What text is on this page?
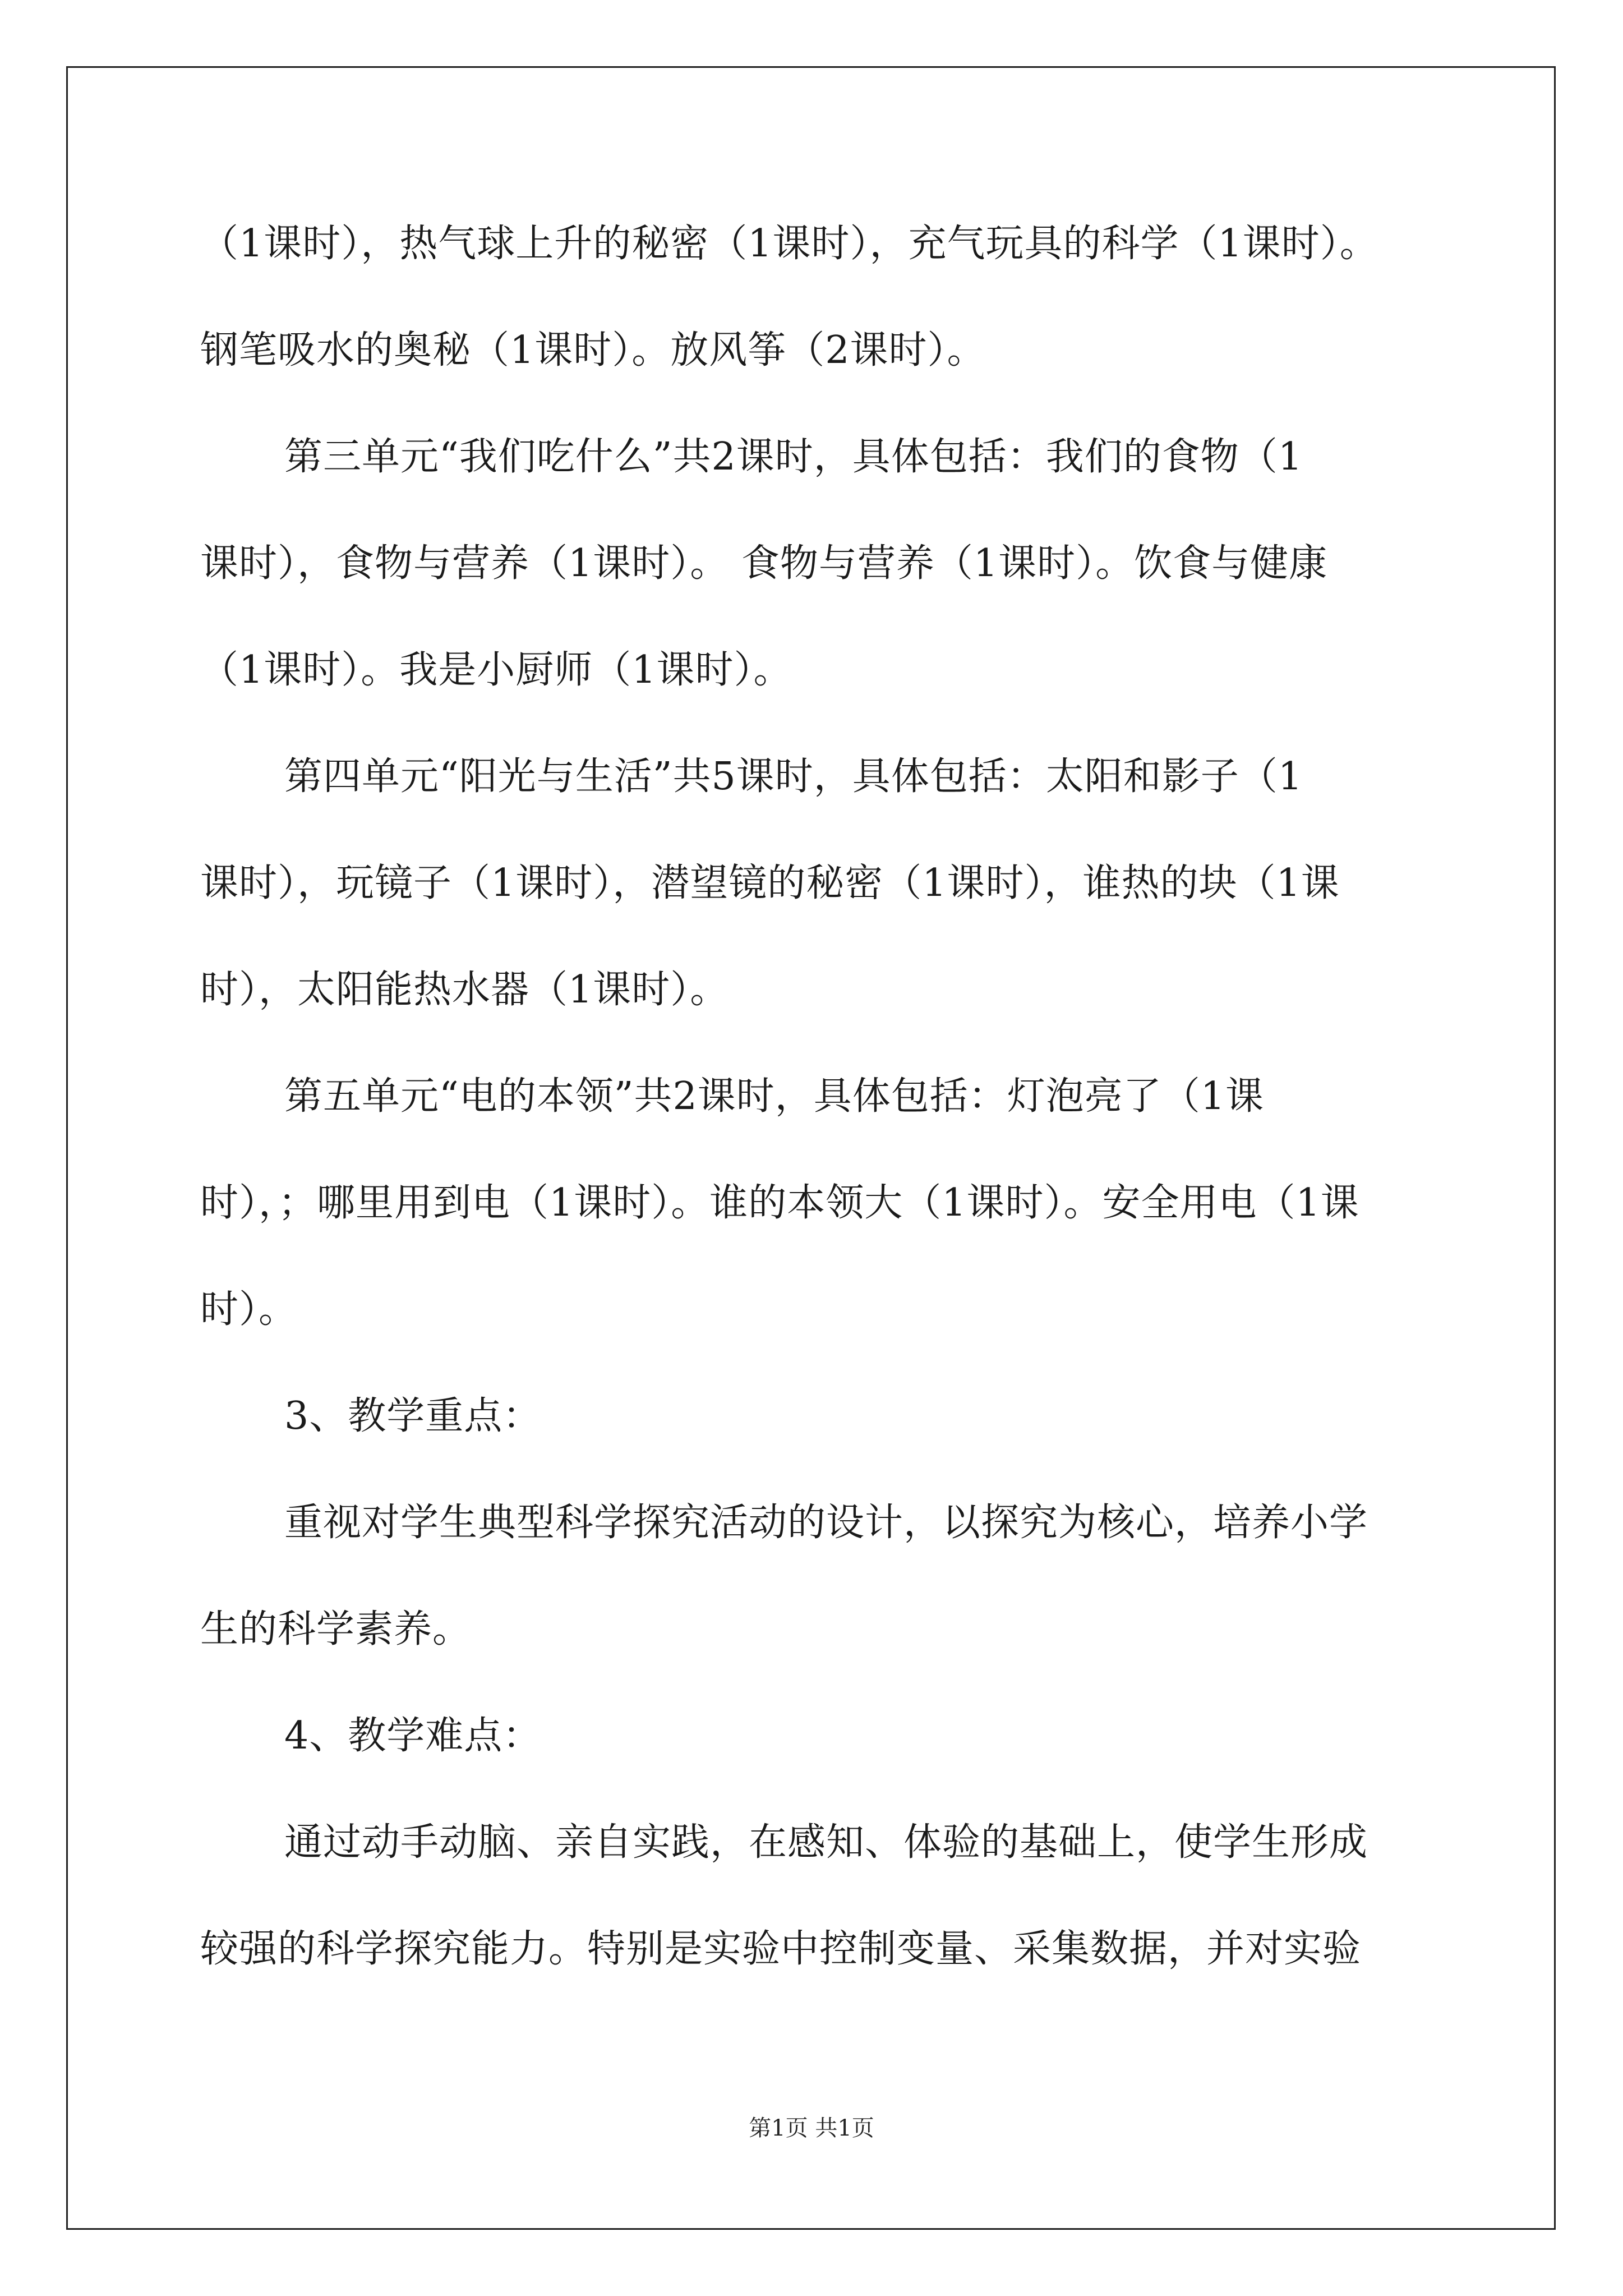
（1课时），热气球上升的秘密（1课时），充气玩具的科学（1课时）。
钢笔吸水的奥秘（1课时）。放风筝（2课时）。
第三单元“我们吃什么”共2课时，具体包括：我们的食物（1
课时），食物与营养（1课时）。 食物与营养（1课时）。饮食与健康
（1课时）。我是小厨师（1课时）。
第四单元“阳光与生活”共5课时，具体包括：太阳和影子（1
课时），玩镜子（1课时），潜望镜的秘密（1课时），谁热的块（1课
时），太阳能热水器（1课时）。
第五单元“电的本领”共2课时，具体包括：灯泡亮了（1课
时），；哪里用到电（1课时）。谁的本领大（1课时）。安全用电（1课
时）。
3、教学重点：
重视对学生典型科学探究活动的设计，以探究为核心，培养小学
生的科学素养。
4、教学难点：
通过动手动脑、亲自实践，在感知、体验的基础上，使学生形成
较强的科学探究能力。特别是实验中控制变量、采集数据，并对实验
第1页 共1页
